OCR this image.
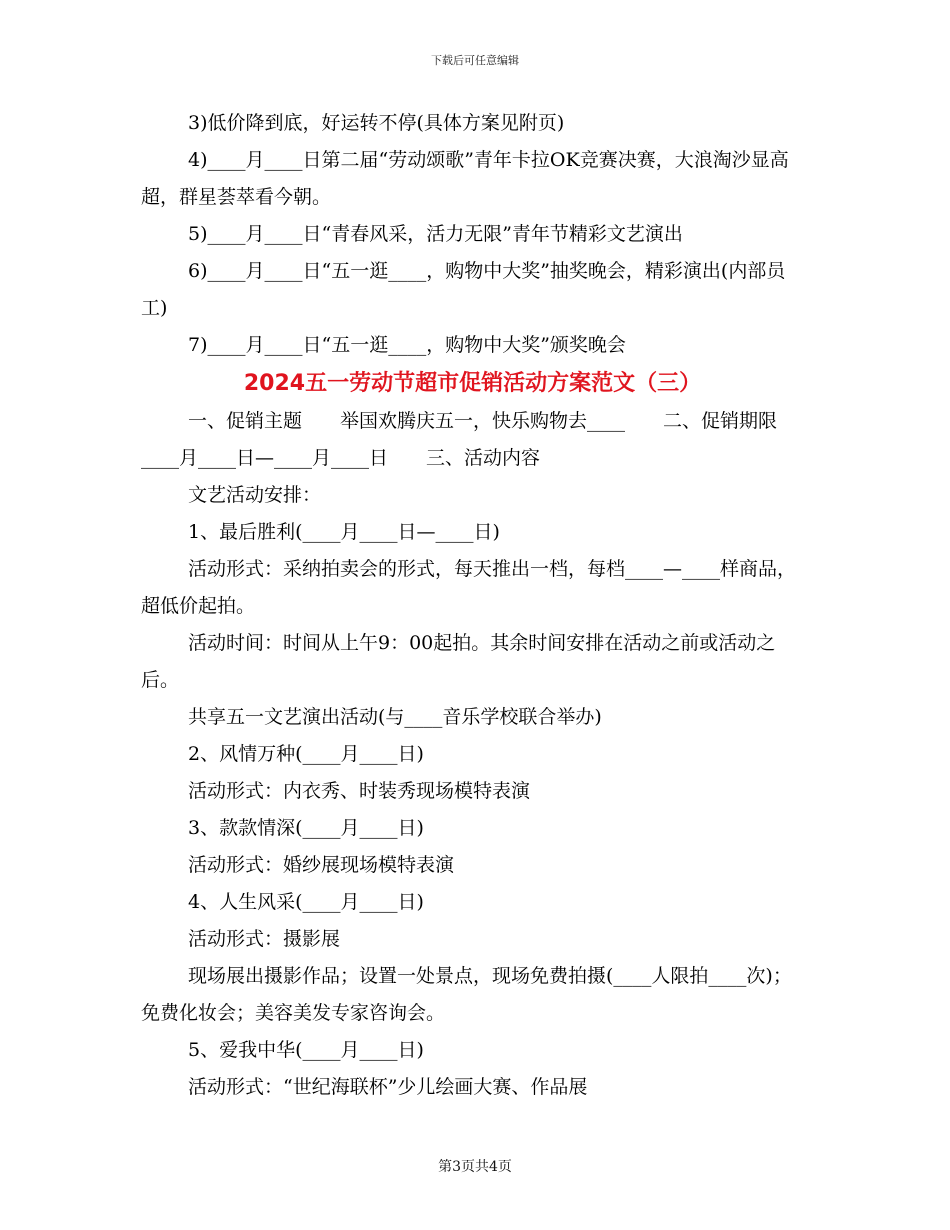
下载后可任意编辑

3)低价降到底，好运转不停(具体方案见附页)

4)____月____日第二届“劳动颂歌”青年卡拉OK竞赛决赛，大浪淘沙显高超，群星荟萃看今朝。

5)____月____日“青春风采，活力无限”青年节精彩文艺演出

6)____月____日“五一逛____，购物中大奖”抽奖晚会，精彩演出(内部员工)

7)____月____日“五一逛____，购物中大奖”颁奖晚会

2024五一劳动节超市促销活动方案范文（三）

一、促销主题　　举国欢腾庆五一，快乐购物去____　　二、促销期限　　____月____日—____月____日　　三、活动内容

文艺活动安排：

1、最后胜利(____月____日—____日)

活动形式：采纳拍卖会的形式，每天推出一档，每档____—____样商品，超低价起拍。

活动时间：时间从上午9：00起拍。其余时间安排在活动之前或活动之后。

共享五一文艺演出活动(与____音乐学校联合举办)

2、风情万种(____月____日)

活动形式：内衣秀、时装秀现场模特表演

3、款款情深(____月____日)

活动形式：婚纱展现场模特表演

4、人生风采(____月____日)

活动形式：摄影展

现场展出摄影作品；设置一处景点，现场免费拍摄(____人限拍____次)；免费化妆会；美容美发专家咨询会。

5、爱我中华(____月____日)

活动形式：“世纪海联杯”少儿绘画大赛、作品展

第3页共4页
